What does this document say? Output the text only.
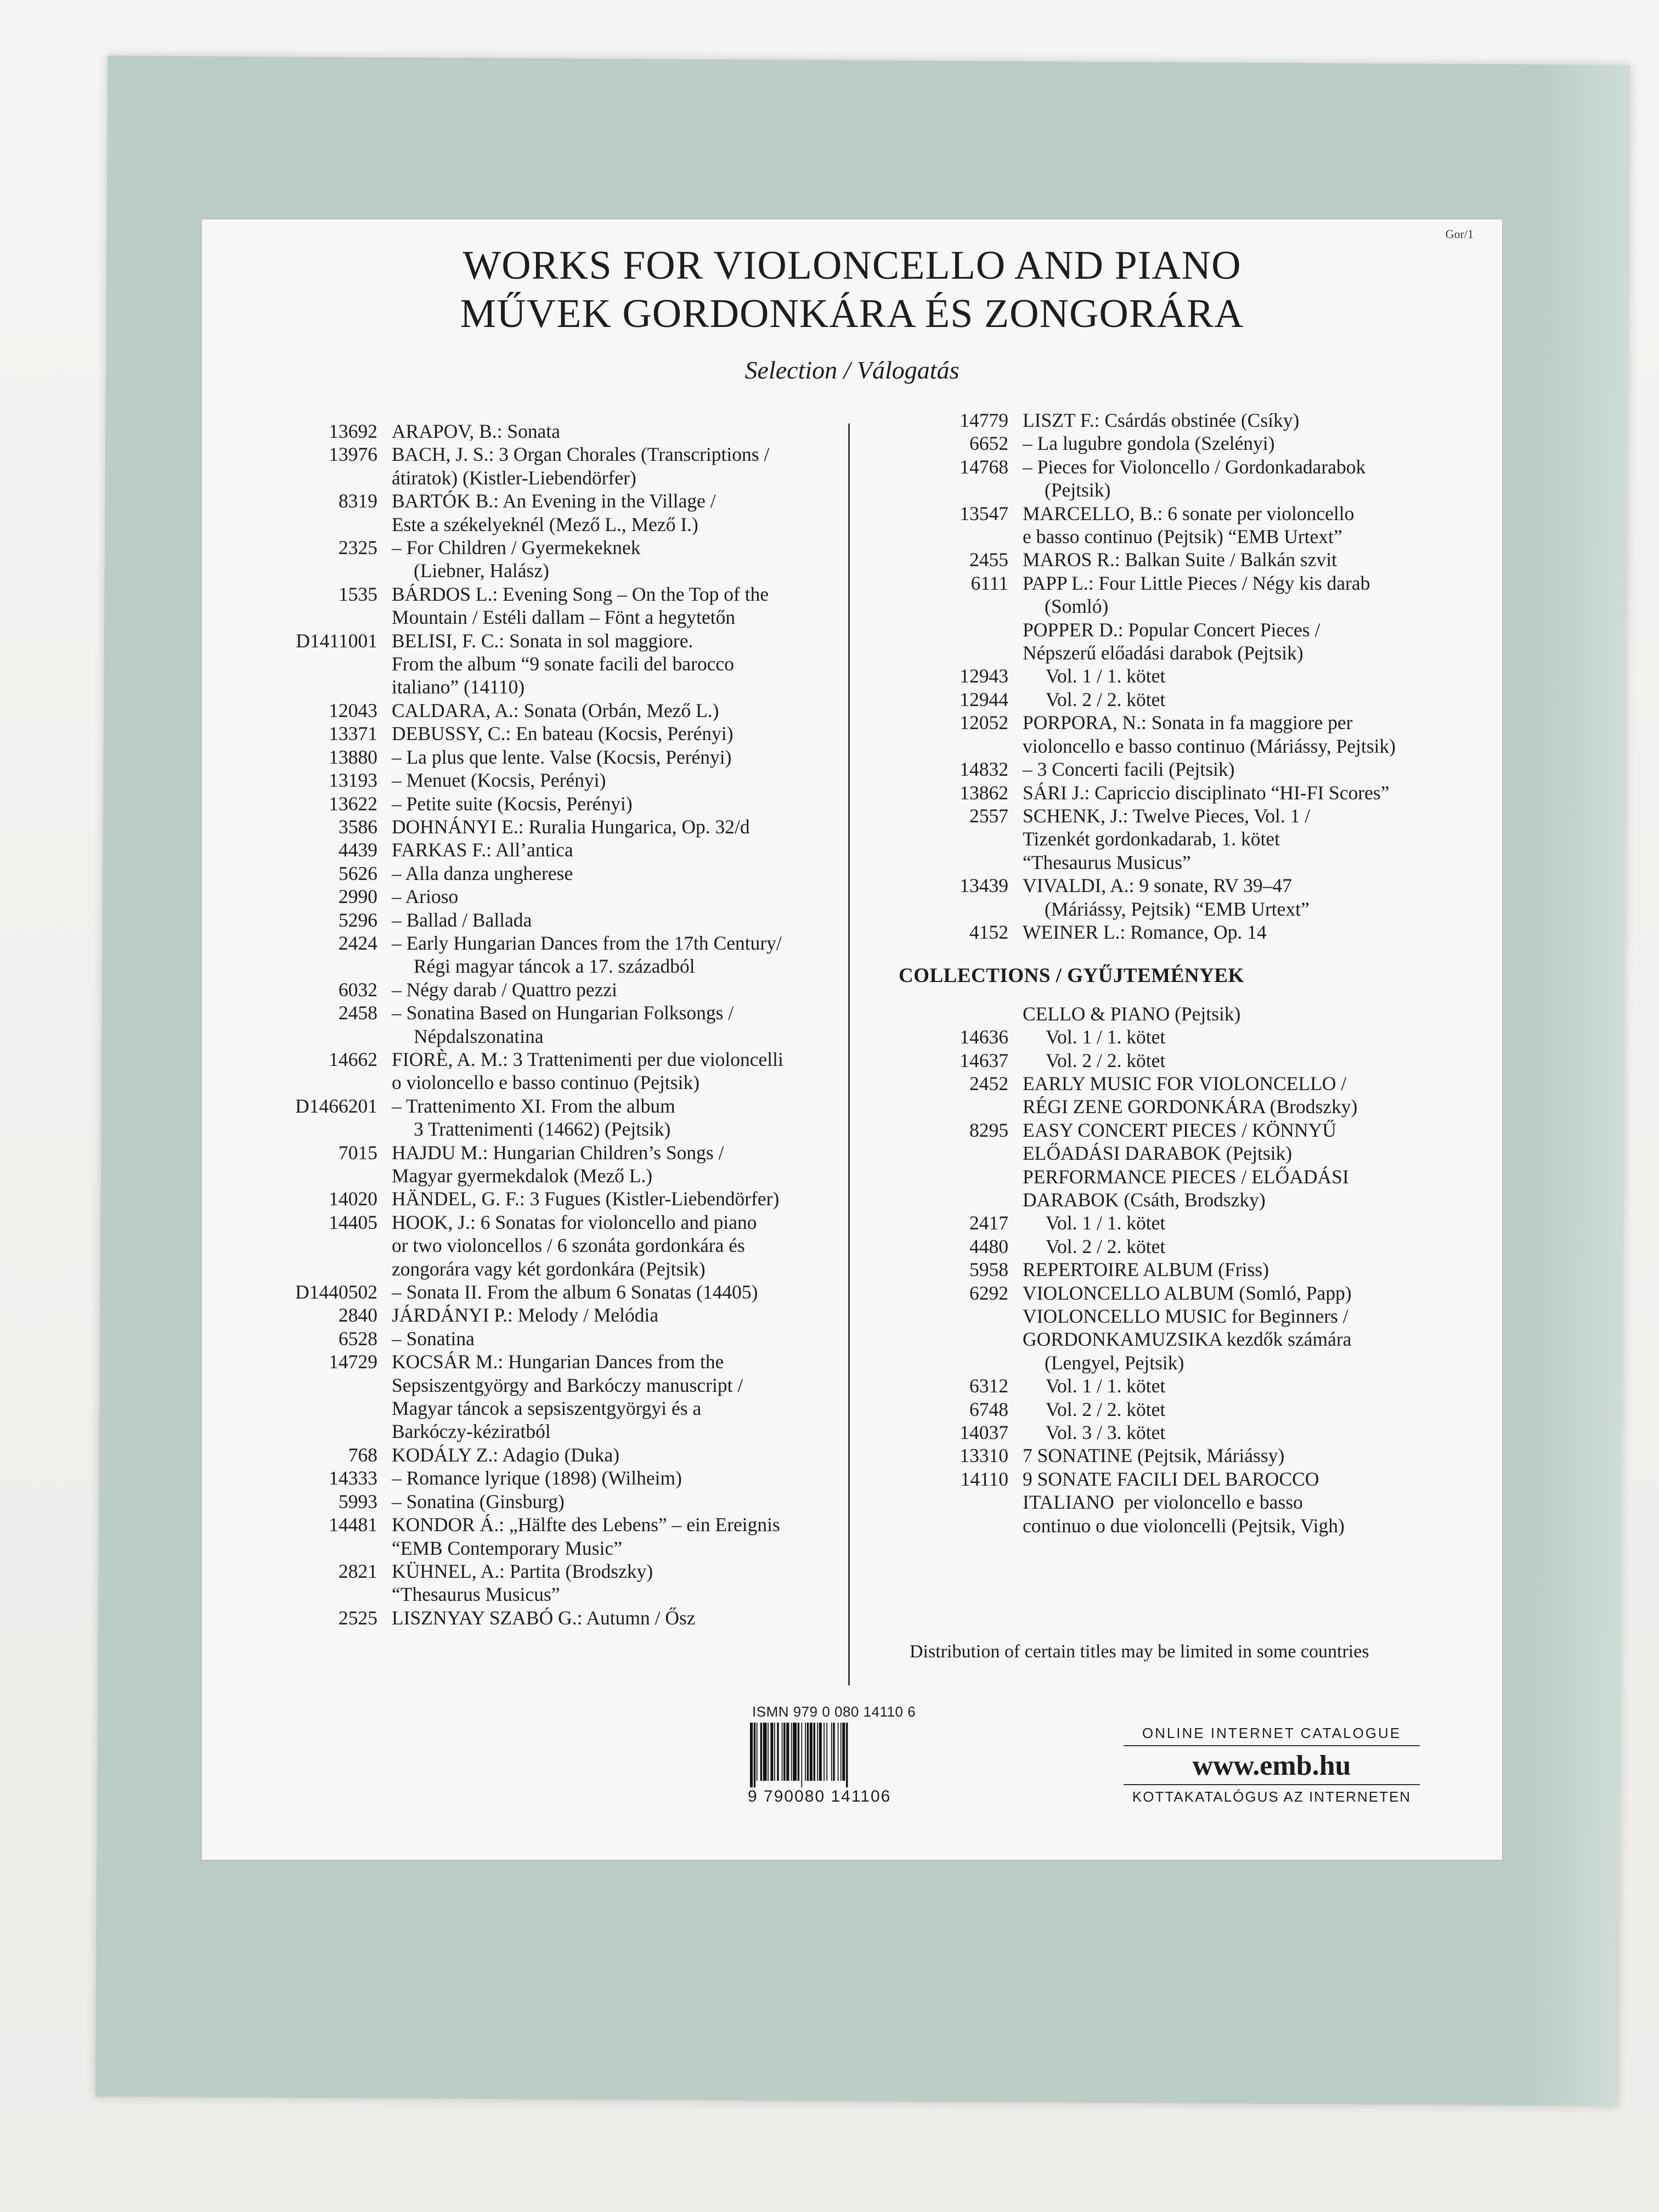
Gor/1
WORKS FOR VIOLONCELLO AND PIANO
MŰVEK GORDONKÁRA ÉS ZONGORÁRA
Selection / Válogatás
13692 ARAPOV, B.: Sonata
13976 BACH, J. S.: 3 Organ Chorales (Transcriptions /
átiratok) (Kistler-Liebendörfer)
8319 BARTÓK B.: An Evening in the Village /
Este a székelyeknél (Mező L., Mező I.)
2325 – For Children / Gyermekeknek
(Liebner, Halász)
1535 BÁRDOS L.: Evening Song – On the Top of the
Mountain / Estéli dallam – Fönt a hegytetőn
D1411001 BELISI, F. C.: Sonata in sol maggiore.
From the album “9 sonate facili del barocco
italiano” (14110)
12043 CALDARA, A.: Sonata (Orbán, Mező L.)
13371 DEBUSSY, C.: En bateau (Kocsis, Perényi)
13880 – La plus que lente. Valse (Kocsis, Perényi)
13193 – Menuet (Kocsis, Perényi)
13622 – Petite suite (Kocsis, Perényi)
3586 DOHNÁNYI E.: Ruralia Hungarica, Op. 32/d
4439 FARKAS F.: All’antica
5626 – Alla danza ungherese
2990 – Arioso
5296 – Ballad / Ballada
2424 – Early Hungarian Dances from the 17th Century/
Régi magyar táncok a 17. századból
6032 – Négy darab / Quattro pezzi
2458 – Sonatina Based on Hungarian Folksongs /
Népdalszonatina
14662 FIORÈ, A. M.: 3 Trattenimenti per due violoncelli
o violoncello e basso continuo (Pejtsik)
D1466201 – Trattenimento XI. From the album
3 Trattenimenti (14662) (Pejtsik)
7015 HAJDU M.: Hungarian Children’s Songs /
Magyar gyermekdalok (Mező L.)
14020 HÄNDEL, G. F.: 3 Fugues (Kistler-Liebendörfer)
14405 HOOK, J.: 6 Sonatas for violoncello and piano
or two violoncellos / 6 szonáta gordonkára és
zongorára vagy két gordonkára (Pejtsik)
D1440502 – Sonata II. From the album 6 Sonatas (14405)
2840 JÁRDÁNYI P.: Melody / Melódia
6528 – Sonatina
14729 KOCSÁR M.: Hungarian Dances from the
Sepsiszentgyörgy and Barkóczy manuscript /
Magyar táncok a sepsiszentgyörgyi és a
Barkóczy-kéziratból
768 KODÁLY Z.: Adagio (Duka)
14333 – Romance lyrique (1898) (Wilheim)
5993 – Sonatina (Ginsburg)
14481 KONDOR Á.: „Hälfte des Lebens” – ein Ereignis
“EMB Contemporary Music”
2821 KÜHNEL, A.: Partita (Brodszky)
“Thesaurus Musicus”
2525 LISZNYAY SZABÓ G.: Autumn / Ősz
14779 LISZT F.: Csárdás obstinée (Csíky)
6652 – La lugubre gondola (Szelényi)
14768 – Pieces for Violoncello / Gordonkadarabok
(Pejtsik)
13547 MARCELLO, B.: 6 sonate per violoncello
e basso continuo (Pejtsik) “EMB Urtext”
2455 MAROS R.: Balkan Suite / Balkán szvit
6111 PAPP L.: Four Little Pieces / Négy kis darab
(Somló)
POPPER D.: Popular Concert Pieces /
Népszerű előadási darabok (Pejtsik)
12943	Vol. 1 / 1. kötet
12944	Vol. 2 / 2. kötet
12052 PORPORA, N.: Sonata in fa maggiore per
violoncello e basso continuo (Máriássy, Pejtsik)
14832 – 3 Concerti facili (Pejtsik)
13862 SÁRI J.: Capriccio disciplinato “HI-FI Scores”
2557 SCHENK, J.: Twelve Pieces, Vol. 1 /
Tizenkét gordonkadarab, 1. kötet
“Thesaurus Musicus”
13439 VIVALDI, A.: 9 sonate, RV 39–47
(Máriássy, Pejtsik) “EMB Urtext”
4152 WEINER L.: Romance, Op. 14
COLLECTIONS / GYŰJTEMÉNYEK
CELLO & PIANO (Pejtsik)
14636	Vol. 1 / 1. kötet
14637	Vol. 2 / 2. kötet
2452 EARLY MUSIC FOR VIOLONCELLO /
RÉGI ZENE GORDONKÁRA (Brodszky)
8295 EASY CONCERT PIECES / KÖNNYŰ
ELŐADÁSI DARABOK (Pejtsik)
PERFORMANCE PIECES / ELŐADÁSI
DARABOK (Csáth, Brodszky)
2417	Vol. 1 / 1. kötet
4480	Vol. 2 / 2. kötet
5958 REPERTOIRE ALBUM (Friss)
6292 VIOLONCELLO ALBUM (Somló, Papp)
VIOLONCELLO MUSIC for Beginners /
GORDONKAMUZSIKA kezdők számára
(Lengyel, Pejtsik)
6312	Vol. 1 / 1. kötet
6748	Vol. 2 / 2. kötet
14037	Vol. 3 / 3. kötet
13310 7 SONATINE (Pejtsik, Máriássy)
14110 9 SONATE FACILI DEL BAROCCO
ITALIANO  per violoncello e basso
continuo o due violoncelli (Pejtsik, Vigh)
Distribution of certain titles may be limited in some countries
ISMN 979 0 080 14110 6
9 790080 141106
ONLINE INTERNET CATALOGUE
www.emb.hu
KOTTAKATALÓGUS AZ INTERNETEN
